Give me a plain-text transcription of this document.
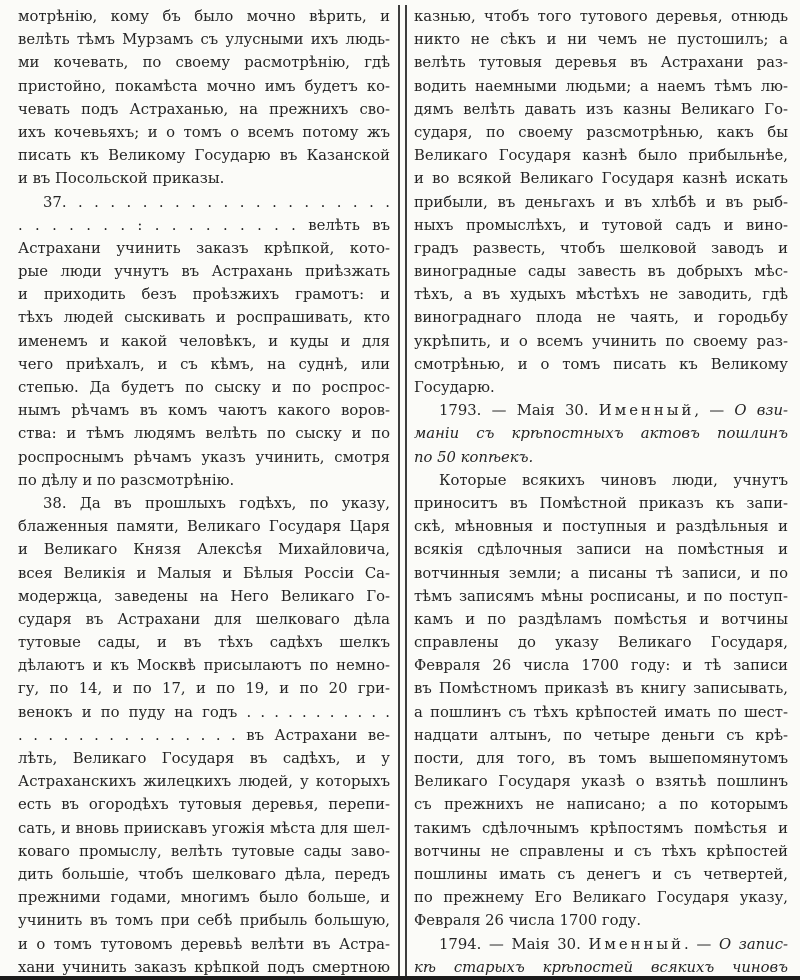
мотрѣнію, кому бъ было мочно вѣрить, и
велѣть тѣмъ Мурзамъ съ улусными ихъ людь-
ми кочевать, по своему расмотрѣнію, гдѣ
пристойно, покамѣста мочно имъ будетъ ко-
чевать подъ Астраханью, на прежнихъ сво-
ихъ кочевьяхъ; и о томъ о всемъ потому жъ
писать къ Великому Государю въ Казанской
и въ Посольской приказы.
37. . . . . . . . . . . . . . . . . . . . .
. . . . . . . : . . . . . . . . . велѣть въ
Астрахани учинить заказъ крѣпкой, кото-
рые люди учнутъ въ Астрахань приѣзжать
и приходить безъ проѣзжихъ грамотъ: и
тѣхъ людей сыскивать и роспрашивать, кто
именемъ и какой человѣкъ, и куды и для
чего приѣхалъ, и съ кѣмъ, на суднѣ, или
степью. Да будетъ по сыску и по роспрос-
нымъ рѣчамъ въ комъ чаютъ какого воров-
ства: и тѣмъ людямъ велѣть по сыску и по
роспроснымъ рѣчамъ указъ учинить, смотря
по дѣлу и по разсмотрѣнію.
38. Да въ прошлыхъ годѣхъ, по указу,
блаженныя памяти, Великаго Государя Царя
и Великаго Князя Алексѣя Михайловича,
всея Великія и Малыя и Бѣлыя Россіи Са-
модержца, заведены на Него Великаго Го-
сударя въ Астрахани для шелковаго дѣла
тутовые сады, и въ тѣхъ садѣхъ шелкъ
дѣлаютъ и къ Москвѣ присылаютъ по немно-
гу, по 14, и по 17, и по 19, и по 20 гри-
венокъ и по пуду на годъ . . . . . . . . . . .
. . . . . . . . . . . . . . . въ Астрахани ве-
лѣть, Великаго Государя въ садѣхъ, и у
Астраханскихъ жилецкихъ людей, у которыхъ
есть въ огородѣхъ тутовыя деревья, перепи-
сать, и вновь приискавъ угожія мѣста для шел-
коваго промыслу, велѣть тутовые сады заво-
дить большіе, чтобъ шелковаго дѣла, передъ
прежними годами, многимъ было больше, и
учинить въ томъ при себѣ прибыль большую,
и о томъ тутовомъ деревьѣ велѣти въ Астра-
хани учинить заказъ крѣпкой подъ смертною
казнью, чтобъ того тутового деревья, отнюдь
никто не сѣкъ и ни чемъ не пустошилъ; а
велѣть тутовыя деревья въ Астрахани раз-
водить наемными людьми; а наемъ тѣмъ лю-
дямъ велѣть давать изъ казны Великаго Го-
сударя, по своему разсмотрѣнью, какъ бы
Великаго Государя казнѣ было прибыльнѣе,
и во всякой Великаго Государя казнѣ искать
прибыли, въ деньгахъ и въ хлѣбѣ и въ рыб-
ныхъ промыслѣхъ, и тутовой садъ и вино-
градъ развесть, чтобъ шелковой заводъ и
виноградные сады завесть въ добрыхъ мѣс-
тѣхъ, а въ худыхъ мѣстѣхъ не заводить, гдѣ
винограднаго плода не чаять, и городьбу
укрѣпить, и о всемъ учинить по своему раз-
смотрѣнью, и о томъ писать къ Великому
Государю.
1793. — Маія 30. Именный, — О взи-
маніи съ крѣпостныхъ актовъ пошлинъ
по 50 копѣекъ.
Которые всякихъ чиновъ люди, учнутъ
приноситъ въ Помѣстной приказъ къ запи-
скѣ, мѣновныя и поступныя и раздѣльныя и
всякія сдѣлочныя записи на помѣстныя и
вотчинныя земли; а писаны тѣ записи, и по
тѣмъ записямъ мѣны росписаны, и по поступ-
камъ и по раздѣламъ помѣстья и вотчины
справлены до указу Великаго Государя,
Февраля 26 числа 1700 году: и тѣ записи
въ Помѣстномъ приказѣ въ книгу записывать,
а пошлинъ съ тѣхъ крѣпостей имать по шест-
надцати алтынъ, по четыре деньги съ крѣ-
пости, для того, въ томъ вышепомянутомъ
Великаго Государя указѣ о взятьѣ пошлинъ
съ прежнихъ не написано; а по которымъ
такимъ сдѣлочнымъ крѣпостямъ помѣстья и
вотчины не справлены и съ тѣхъ крѣпостей
пошлины имать съ денегъ и съ четвертей,
по прежнему Его Великаго Государя указу,
Февраля 26 числа 1700 году.
1794. — Маія 30. Именный. — О запис-
кѣ старыхъ крѣпостей всякихъ чиновъ
